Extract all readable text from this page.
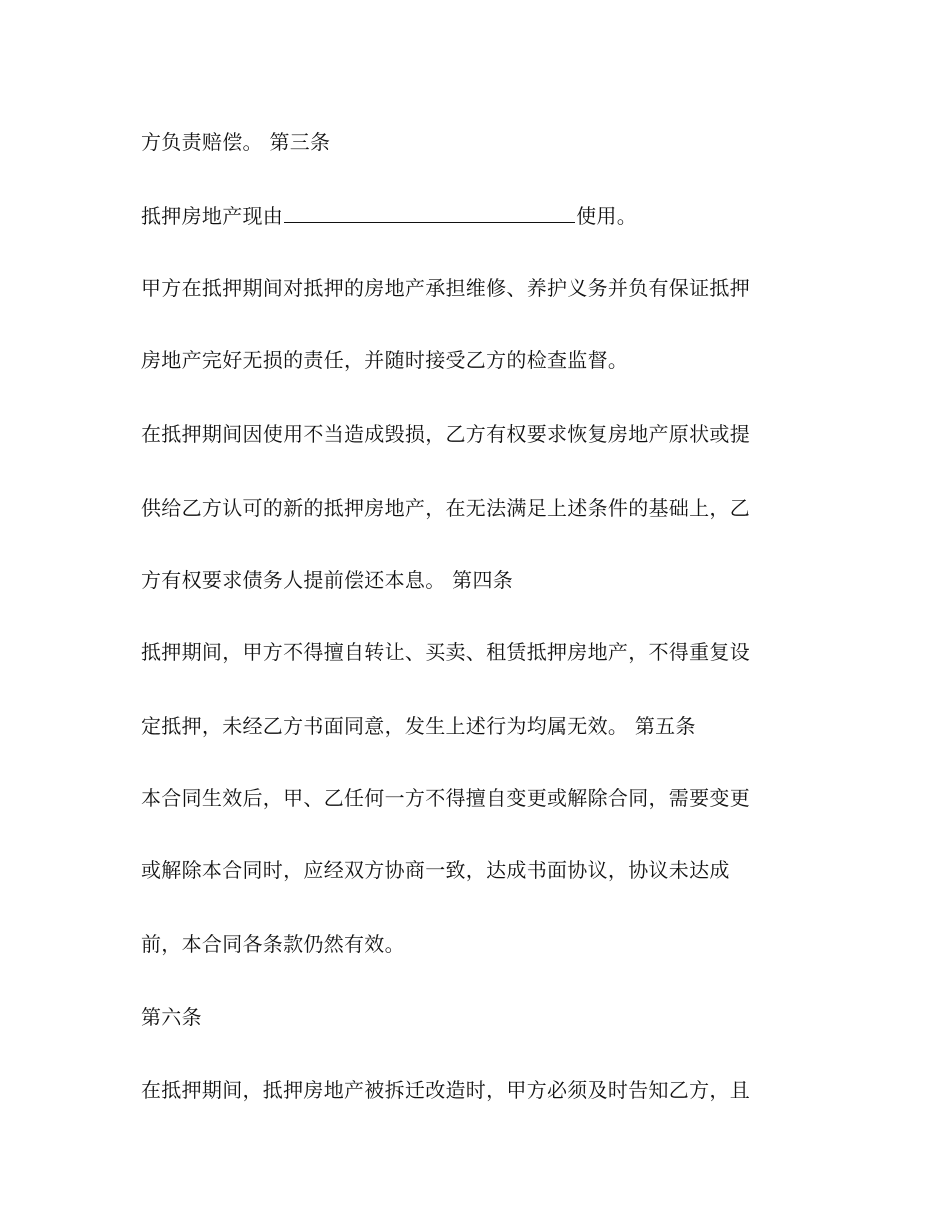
方负责赔偿。 第三条
抵押房地产现由	使用。
甲方在抵押期间对抵押的房地产承担维修、养护义务并负有保证抵押
房地产完好无损的责任，并随时接受乙方的检查监督。
在抵押期间因使用不当造成毁损，乙方有权要求恢复房地产原状或提
供给乙方认可的新的抵押房地产，在无法满足上述条件的基础上，乙
方有权要求债务人提前偿还本息。 第四条
抵押期间，甲方不得擅自转让、买卖、租赁抵押房地产，不得重复设
定抵押，未经乙方书面同意，发生上述行为均属无效。 第五条
本合同生效后，甲、乙任何一方不得擅自变更或解除合同，需要变更
或解除本合同时，应经双方协商一致，达成书面协议，协议未达成
前，本合同各条款仍然有效。
第六条
在抵押期间，抵押房地产被拆迁改造时，甲方必须及时告知乙方，且
